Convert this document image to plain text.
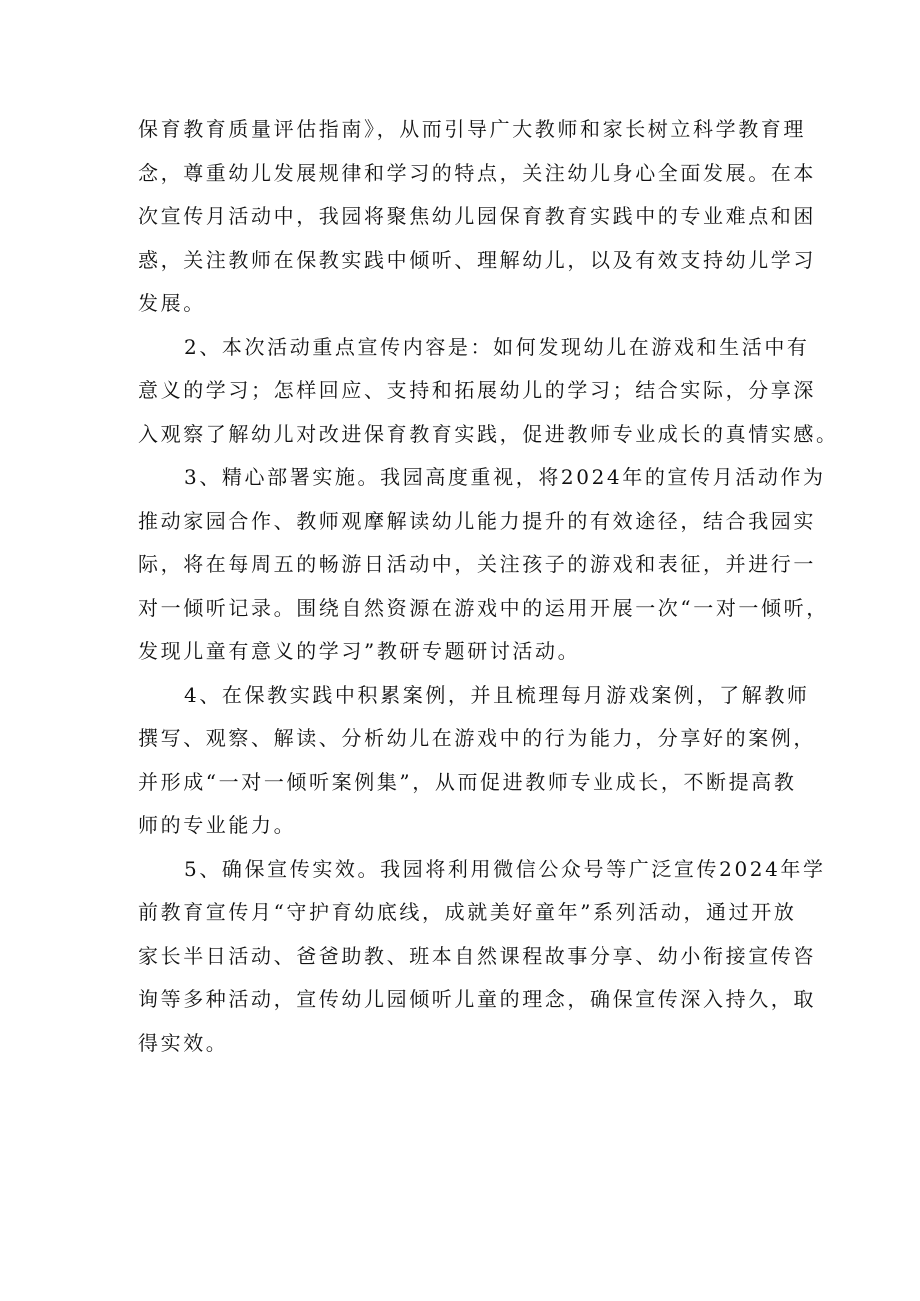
保育教育质量评估指南》，从而引导广大教师和家长树立科学教育理
念，尊重幼儿发展规律和学习的特点，关注幼儿身心全面发展。在本
次宣传月活动中，我园将聚焦幼儿园保育教育实践中的专业难点和困
惑，关注教师在保教实践中倾听、理解幼儿，以及有效支持幼儿学习
发展。

2、本次活动重点宣传内容是：如何发现幼儿在游戏和生活中有
意义的学习；怎样回应、支持和拓展幼儿的学习；结合实际，分享深
入观察了解幼儿对改进保育教育实践，促进教师专业成长的真情实感。

3、精心部署实施。我园高度重视，将2024年的宣传月活动作为
推动家园合作、教师观摩解读幼儿能力提升的有效途径，结合我园实
际，将在每周五的畅游日活动中，关注孩子的游戏和表征，并进行一
对一倾听记录。围绕自然资源在游戏中的运用开展一次“一对一倾听，
发现儿童有意义的学习”教研专题研讨活动。

4、在保教实践中积累案例，并且梳理每月游戏案例，了解教师
撰写、观察、解读、分析幼儿在游戏中的行为能力，分享好的案例，
并形成“一对一倾听案例集”，从而促进教师专业成长，不断提高教
师的专业能力。

5、确保宣传实效。我园将利用微信公众号等广泛宣传2024年学
前教育宣传月“守护育幼底线，成就美好童年”系列活动，通过开放
家长半日活动、爸爸助教、班本自然课程故事分享、幼小衔接宣传咨
询等多种活动，宣传幼儿园倾听儿童的理念，确保宣传深入持久，取
得实效。
